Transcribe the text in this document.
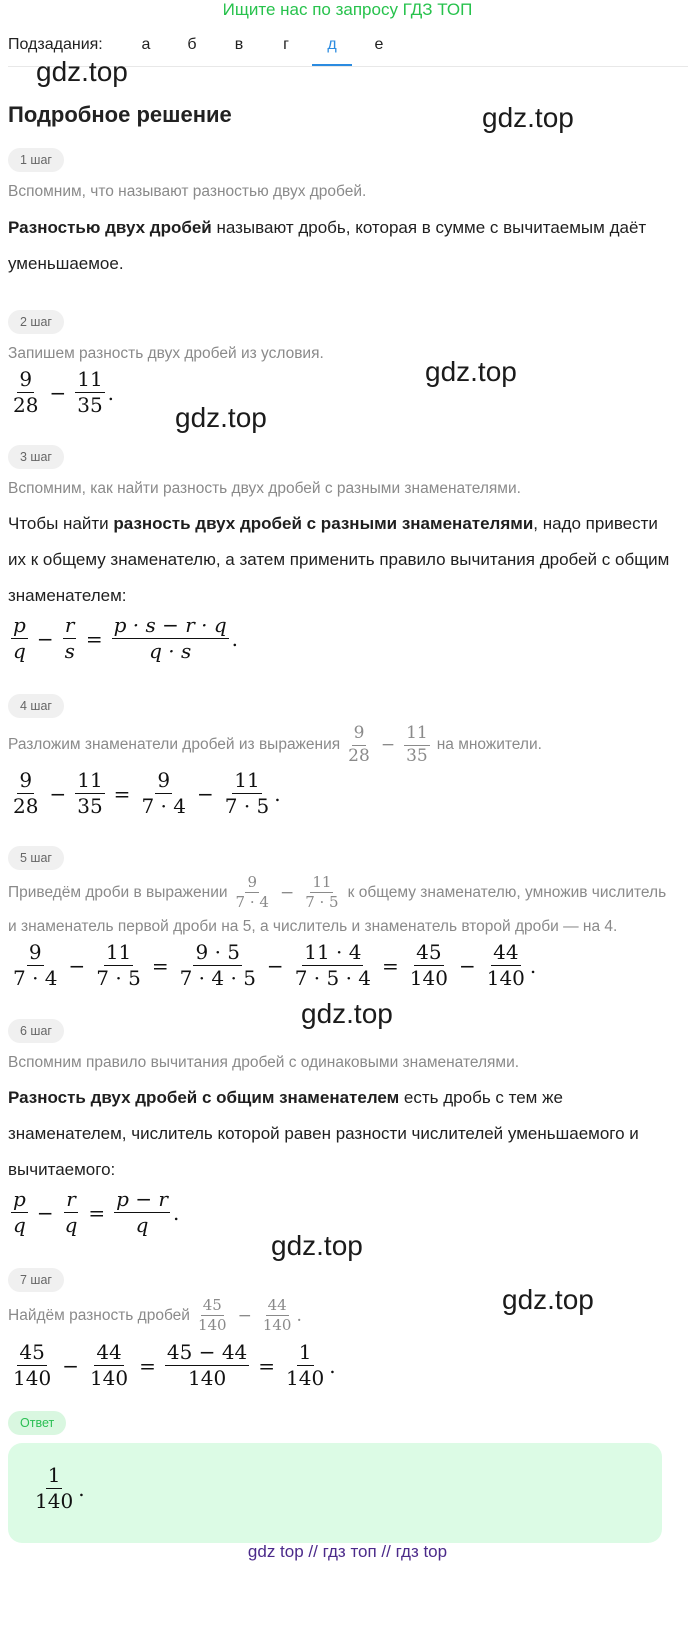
Ищите нас по запросу ГДЗ ТОП
Подзадания:	а	б	в	г	д	е
gdz.top
gdz.top
gdz.top
gdz.top
gdz.top
gdz.top
gdz.top
Подробное решение
1 шаг
Вспомним, что называют разностью двух дробей.
Разностью двух дробей называют дробь, которая в сумме с вычитаемым даёт уменьшаемое.
2 шаг
Запишем разность двух дробей из условия.
$\frac{9}{28} - \frac{11}{35}$ .
3 шаг
Вспомним, как найти разность двух дробей с разными знаменателями.
Чтобы найти разность двух дробей с разными знаменателями, надо привести их к общему знаменателю, а затем применить правило вычитания дробей с общим знаменателем:
$\frac{p}{q} - \frac{r}{s} = \frac{p \cdot s - r \cdot q}{q \cdot s}$ .
4 шаг
Разложим знаменатели дробей из выражения $\frac{9}{28} - \frac{11}{35}$ на множители.
$\frac{9}{28} - \frac{11}{35} = \frac{9}{7 \cdot 4} - \frac{11}{7 \cdot 5}$ .
5 шаг
Приведём дроби в выражении $\frac{9}{7 \cdot 4} - \frac{11}{7 \cdot 5}$ к общему знаменателю, умножив числитель
и знаменатель первой дроби на 5, а числитель и знаменатель второй дроби — на 4.
$\frac{9}{7 \cdot 4} - \frac{11}{7 \cdot 5} = \frac{9 \cdot 5}{7 \cdot 4 \cdot 5} - \frac{11 \cdot 4}{7 \cdot 5 \cdot 4} = \frac{45}{140} - \frac{44}{140}$ .
6 шаг
Вспомним правило вычитания дробей с одинаковыми знаменателями.
Разность двух дробей с общим знаменателем есть дробь с тем же знаменателем, числитель которой равен разности числителей уменьшаемого и вычитаемого:
$\frac{p}{q} - \frac{r}{q} = \frac{p - r}{q}$ .
7 шаг
Найдём разность дробей $\frac{45}{140} - \frac{44}{140}$ .
$\frac{45}{140} - \frac{44}{140} = \frac{45 - 44}{140} = \frac{1}{140}$ .
Ответ
$\frac{1}{140}$ .
gdz top // гдз топ // гдз top
